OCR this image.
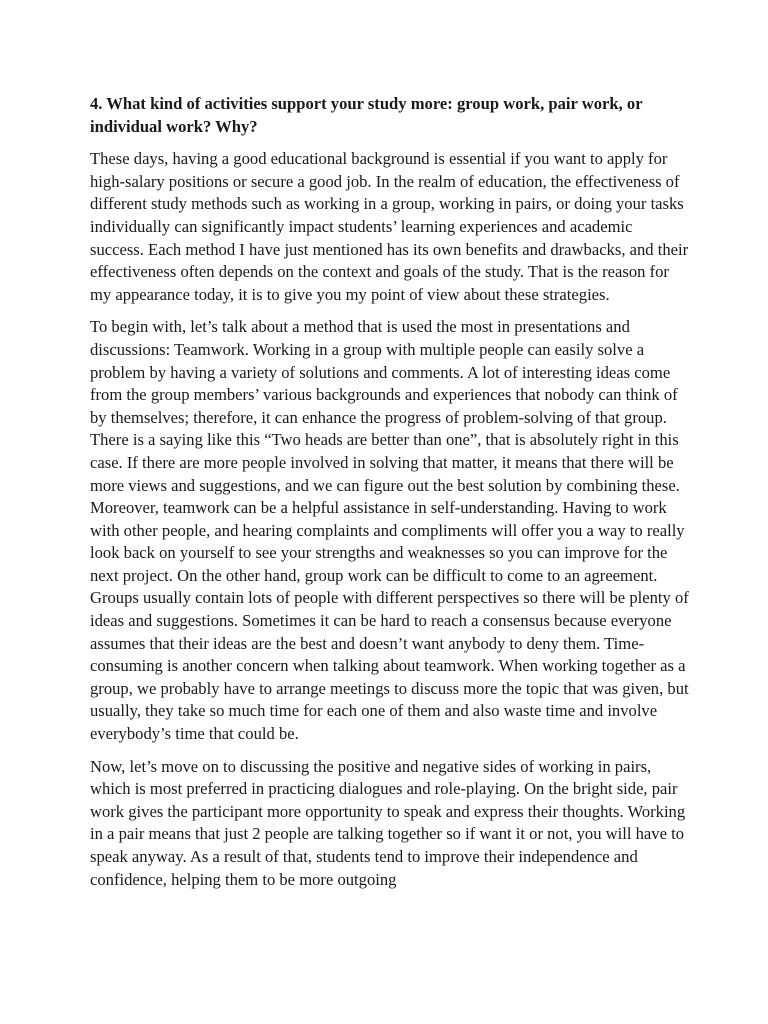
4. What kind of activities support your study more: group work, pair work, or individual work? Why?

These days, having a good educational background is essential if you want to apply for high-salary positions or secure a good job. In the realm of education, the effectiveness of different study methods such as working in a group, working in pairs, or doing your tasks individually can significantly impact students’ learning experiences and academic success. Each method I have just mentioned has its own benefits and drawbacks, and their effectiveness often depends on the context and goals of the study. That is the reason for my appearance today, it is to give you my point of view about these strategies.

To begin with, let’s talk about a method that is used the most in presentations and discussions: Teamwork. Working in a group with multiple people can easily solve a problem by having a variety of solutions and comments. A lot of interesting ideas come from the group members’ various backgrounds and experiences that nobody can think of by themselves; therefore, it can enhance the progress of problem-solving of that group. There is a saying like this “Two heads are better than one”, that is absolutely right in this case. If there are more people involved in solving that matter, it means that there will be more views and suggestions, and we can figure out the best solution by combining these. Moreover, teamwork can be a helpful assistance in self-understanding. Having to work with other people, and hearing complaints and compliments will offer you a way to really look back on yourself to see your strengths and weaknesses so you can improve for the next project. On the other hand, group work can be difficult to come to an agreement. Groups usually contain lots of people with different perspectives so there will be plenty of ideas and suggestions. Sometimes it can be hard to reach a consensus because everyone assumes that their ideas are the best and doesn’t want anybody to deny them. Time-consuming is another concern when talking about teamwork. When working together as a group, we probably have to arrange meetings to discuss more the topic that was given, but usually, they take so much time for each one of them and also waste time and involve everybody’s time that could be.

Now, let’s move on to discussing the positive and negative sides of working in pairs, which is most preferred in practicing dialogues and role-playing. On the bright side, pair work gives the participant more opportunity to speak and express their thoughts. Working in a pair means that just 2 people are talking together so if want it or not, you will have to speak anyway. As a result of that, students tend to improve their independence and confidence, helping them to be more outgoing
